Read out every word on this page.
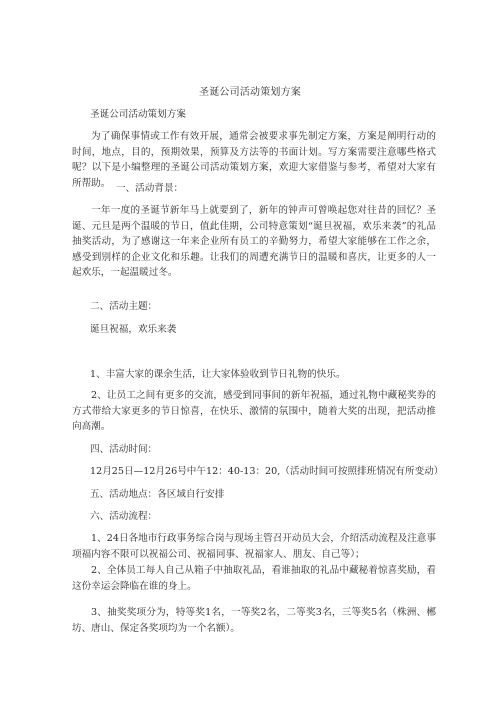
圣诞公司活动策划方案
圣诞公司活动策划方案
为了确保事情或工作有效开展，通常会被要求事先制定方案，方案是阐明行动的时间，地点，目的，预期效果，预算及方法等的书面计划。写方案需要注意哪些格式呢？以下是小编整理的圣诞公司活动策划方案，欢迎大家借鉴与参考，希望对大家有所帮助。 一、活动背景：
一年一度的圣诞节新年马上就要到了，新年的钟声可曾唤起您对往昔的回忆？圣诞、元旦是两个温暖的节日，值此佳期，公司特意策划“诞旦祝福，欢乐来袭”的礼品抽奖活动，为了感谢这一年来企业所有员工的辛勤努力，希望大家能够在工作之余，感受到别样的企业文化和乐趣。让我们的周遭充满节日的温暖和喜庆，让更多的人一起欢乐，一起温暖过冬。
二、活动主题：
诞旦祝福，欢乐来袭
1、丰富大家的课余生活，让大家体验收到节日礼物的快乐。
2、让员工之间有更多的交流，感受到同事间的新年祝福，通过礼物中藏秘奖券的方式带给大家更多的节日惊喜，在快乐、激情的氛围中，随着大奖的出现，把活动推向高潮。
四、活动时间：
12月25日—12月26号中午12：40-13：20,（活动时间可按照排班情况有所变动）
五、活动地点：各区域自行安排
六、活动流程：
1、24日各地市行政事务综合岗与现场主管召开动员大会，介绍活动流程及注意事项福内容不限可以祝福公司、祝福同事、祝福家人、朋友、自己等）；
2、全体员工每人自己从箱子中抽取礼品，看谁抽取的礼品中藏秘着惊喜奖励，看这份幸运会降临在谁的身上。
3、抽奖奖项分为，特等奖1名，一等奖2名，二等奖3名，三等奖5名（株洲、郴坊、唐山、保定各奖项均为一个名额）。
